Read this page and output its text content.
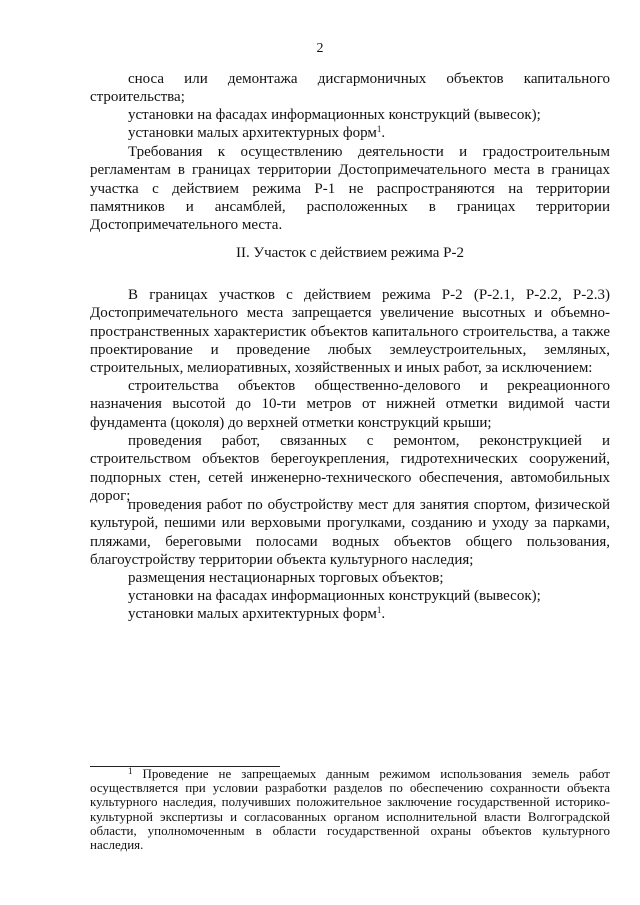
2

сноса или демонтажа дисгармоничных объектов капитального строительства;

установки на фасадах информационных конструкций (вывесок);

установки малых архитектурных форм$^1$.

Требования к осуществлению деятельности и градостроительным регламентам в границах территории Достопримечательного места в границах участка с действием режима Р-1 не распространяются на территории памятников и ансамблей, расположенных в границах территории Достопримечательного места.

II. Участок с действием режима Р-2

В границах участков с действием режима Р-2 (Р-2.1, Р-2.2, Р-2.3) Достопримечательного места запрещается увеличение высотных и объемно-пространственных характеристик объектов капитального строительства, а также проектирование и проведение любых землеустроительных, земляных, строительных, мелиоративных, хозяйственных и иных работ, за исключением:

строительства объектов общественно-делового и рекреационного назначения высотой до 10-ти метров от нижней отметки видимой части фундамента (цоколя) до верхней отметки конструкций крыши;

проведения работ, связанных с ремонтом, реконструкцией и строительством объектов берегоукрепления, гидротехнических сооружений, подпорных стен, сетей инженерно-технического обеспечения, автомобильных дорог;

проведения работ по обустройству мест для занятия спортом, физической культурой, пешими или верховыми прогулками, созданию и уходу за парками, пляжами, береговыми полосами водных объектов общего пользования, благоустройству территории объекта культурного наследия;

размещения нестационарных торговых объектов;

установки на фасадах информационных конструкций (вывесок);

установки малых архитектурных форм$^1$.

$^1$ Проведение не запрещаемых данным режимом использования земель работ осуществляется при условии разработки разделов по обеспечению сохранности объекта культурного наследия, получивших положительное заключение государственной историко-культурной экспертизы и согласованных органом исполнительной власти Волгоградской области, уполномоченным в области государственной охраны объектов культурного наследия.
